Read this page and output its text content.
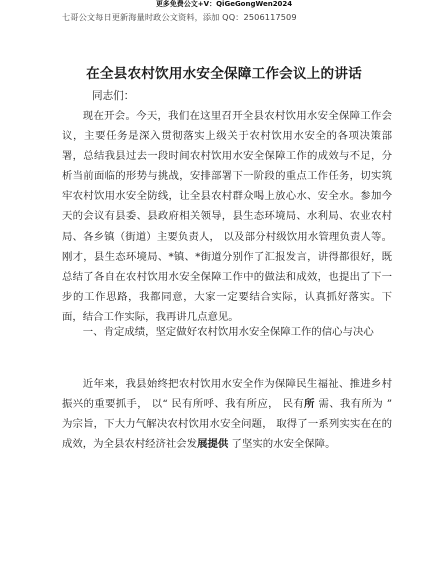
更多免费公文+V：QiGeGongWen2024
七哥公文每日更新海量时政公文资料，添加 QQ：2506117509
在全县农村饮用水安全保障工作会议上的讲话
同志们：

现在开会。今天，我们在这里召开全县农村饮用水安全保障工作会议，主要任务是深入贯彻落实上级关于农村饮用水安全的各项决策部署，总结我县过去一段时间农村饮用水安全保障工作的成效与不足，分析当前面临的形势与挑战，安排部署下一阶段的重点工作任务，切实筑牢农村饮用水安全防线，让全县农村群众喝上放心水、安全水。参加今天的会议有县委、县政府相关领导，县生态环境局、水利局、农业农村局、各乡镇（街道）主要负责人， 以及部分村级饮用水管理负责人等。刚才，县生态环境局、*镇、*街道分别作了汇报发言，讲得都很好，既总结了各自在农村饮用水安全保障工作中的做法和成效，也提出了下一步的工作思路，我都同意，大家一定要结合实际，认真抓好落实。下面，结合工作实际，我再讲几点意见。

一、肯定成绩，坚定做好农村饮用水安全保障工作的信心与决心

近年来，我县始终把农村饮用水安全作为保障民生福祉、推进乡村振兴的重要抓手， 以“ 民有所呼、我有所应， 民有所 需、我有所为 ” 为宗旨，下大力气解决农村饮用水安全问题， 取得了一系列实实在在的成效，为全县农村经济社会发展提供 了坚实的水安全保障。
